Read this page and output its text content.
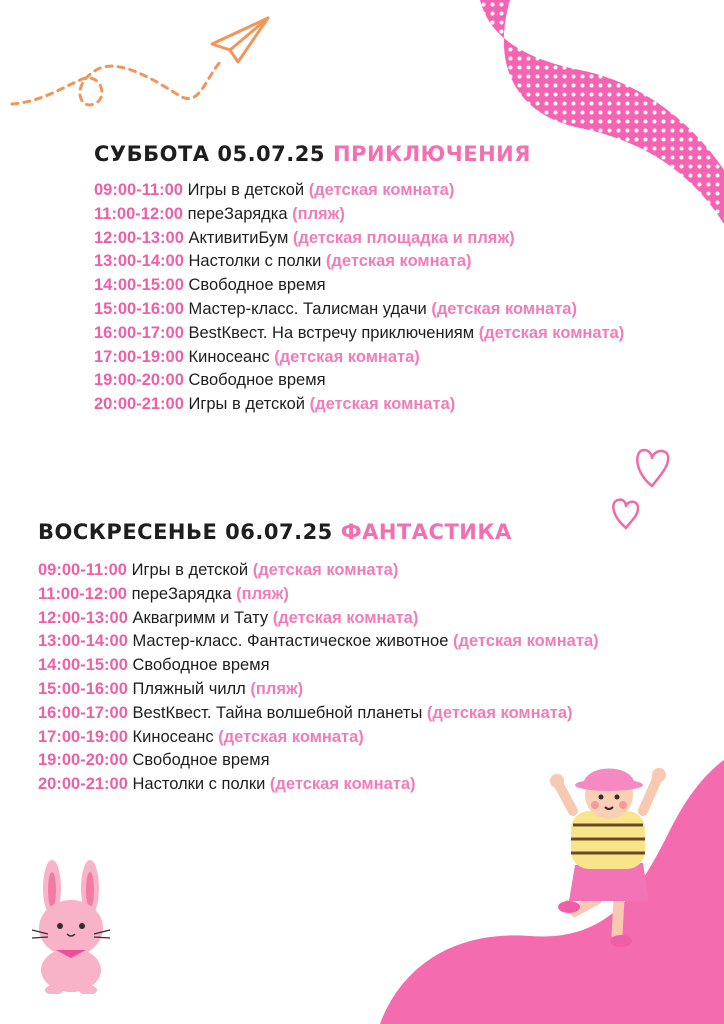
СУББОТА 05.07.25 ПРИКЛЮЧЕНИЯ
09:00-11:00 Игры в детской (детская комната)
11:00-12:00 переЗарядка (пляж)
12:00-13:00 АктивитиБум (детская площадка и пляж)
13:00-14:00 Настолки с полки (детская комната)
14:00-15:00 Свободное время
15:00-16:00 Мастер-класс. Талисман удачи (детская комната)
16:00-17:00 BestКвест. На встречу приключениям (детская комната)
17:00-19:00 Киносеанс (детская комната)
19:00-20:00 Свободное время
20:00-21:00 Игры в детской (детская комната)
ВОСКРЕСЕНЬЕ 06.07.25 ФАНТАСТИКА
09:00-11:00 Игры в детской (детская комната)
11:00-12:00 переЗарядка (пляж)
12:00-13:00 Аквагримм и Тату (детская комната)
13:00-14:00 Мастер-класс. Фантастическое животное (детская комната)
14:00-15:00 Свободное время
15:00-16:00 Пляжный чилл (пляж)
16:00-17:00 BestКвест. Тайна волшебной планеты (детская комната)
17:00-19:00 Киносеанс (детская комната)
19:00-20:00 Свободное время
20:00-21:00 Настолки с полки (детская комната)
